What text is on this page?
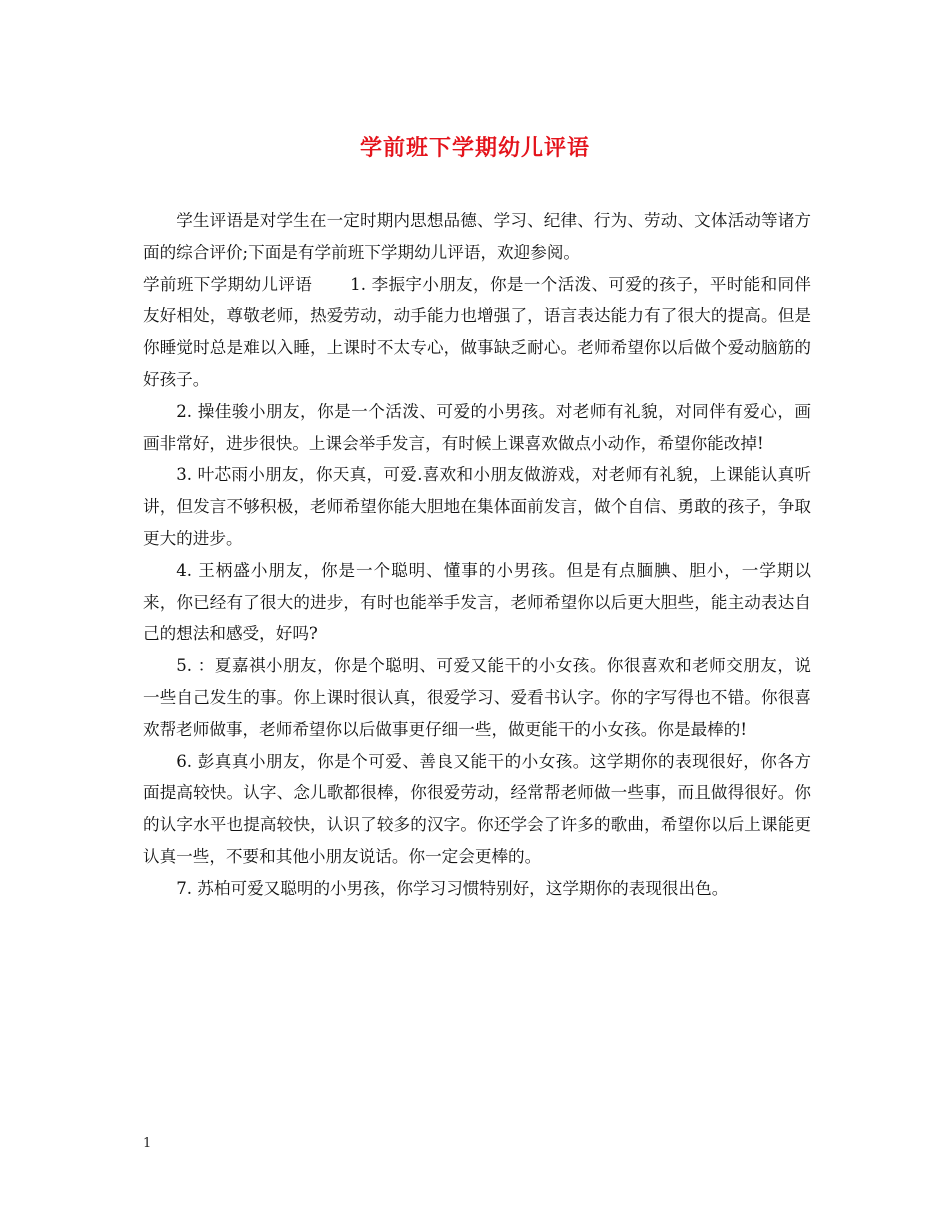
学前班下学期幼儿评语

学生评语是对学生在一定时期内思想品德、学习、纪律、行为、劳动、文体活动等诸方面的综合评价;下面是有学前班下学期幼儿评语，欢迎参阅。

学前班下学期幼儿评语 1. 李振宇小朋友，你是一个活泼、可爱的孩子，平时能和同伴友好相处，尊敬老师，热爱劳动，动手能力也增强了，语言表达能力有了很大的提高。但是你睡觉时总是难以入睡，上课时不太专心，做事缺乏耐心。老师希望你以后做个爱动脑筋的好孩子。

2. 操佳骏小朋友，你是一个活泼、可爱的小男孩。对老师有礼貌，对同伴有爱心，画画非常好，进步很快。上课会举手发言，有时候上课喜欢做点小动作，希望你能改掉!

3. 叶芯雨小朋友，你天真，可爱.喜欢和小朋友做游戏，对老师有礼貌，上课能认真听讲，但发言不够积极，老师希望你能大胆地在集体面前发言，做个自信、勇敢的孩子，争取更大的进步。

4. 王柄盛小朋友，你是一个聪明、懂事的小男孩。但是有点腼腆、胆小，一学期以来，你已经有了很大的进步，有时也能举手发言，老师希望你以后更大胆些，能主动表达自己的想法和感受，好吗?

5. ：夏嘉祺小朋友，你是个聪明、可爱又能干的小女孩。你很喜欢和老师交朋友，说一些自己发生的事。你上课时很认真，很爱学习、爱看书认字。你的字写得也不错。你很喜欢帮老师做事，老师希望你以后做事更仔细一些，做更能干的小女孩。你是最棒的!

6. 彭真真小朋友，你是个可爱、善良又能干的小女孩。这学期你的表现很好，你各方面提高较快。认字、念儿歌都很棒，你很爱劳动，经常帮老师做一些事，而且做得很好。你的认字水平也提高较快，认识了较多的汉字。你还学会了许多的歌曲，希望你以后上课能更认真一些，不要和其他小朋友说话。你一定会更棒的。

7. 苏柏可爱又聪明的小男孩，你学习习惯特别好，这学期你的表现很出色。

1
